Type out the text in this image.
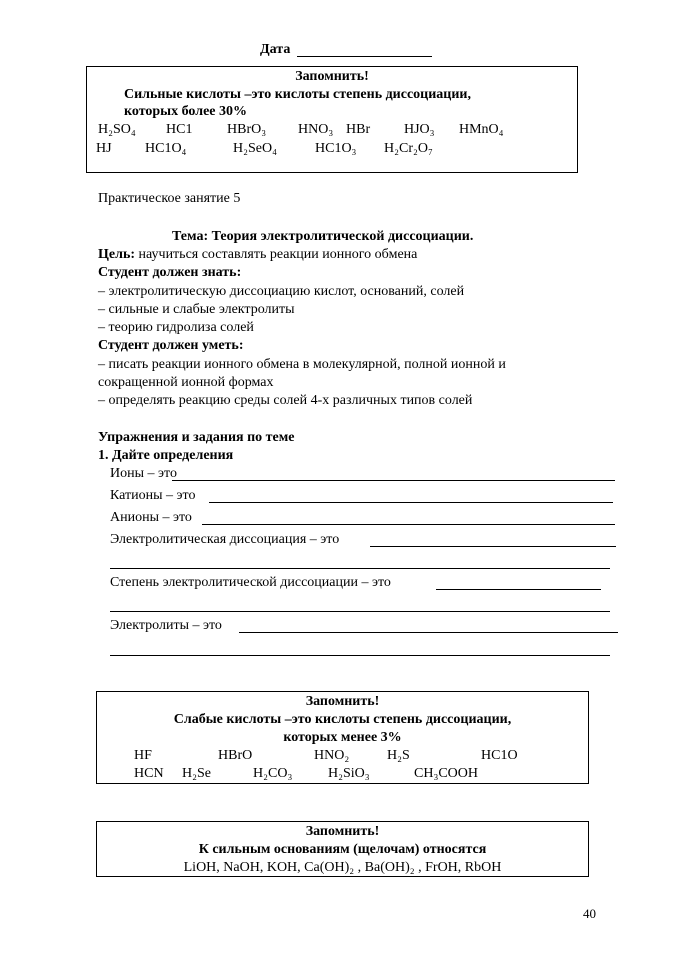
Дата
Запомнить!
Сильные кислоты –это кислоты степень диссоциации,
которых более 30%
H₂SO₄ HC1 HBrO₃ HNO₃ HBr HJO₃ HMnO₄
HJ HC1O₄	H₂SeO₄	HC1O₃ H₂Cr₂O₇
Практическое занятие 5
Тема: Теория электролитической диссоциации.
Цель: научиться составлять реакции ионного обмена
Студент должен знать:
– электролитическую диссоциацию кислот, оснований, солей
– сильные и слабые электролиты
– теорию гидролиза солей
Студент должен уметь:
– писать реакции ионного обмена в молекулярной, полной ионной и
сокращенной ионной формах
– определять реакцию среды солей 4-х различных типов солей
Упражнения и задания по теме
1. Дайте определения
Ионы – это
Катионы – это
Анионы – это
Электролитическая диссоциация – это
Степень электролитической диссоциации – это
Электролиты – это
Запомнить!
Слабые кислоты –это кислоты степень диссоциации,
которых менее 3%
HF	HBrO	HNO₂	H₂S	HC1O
HCN H₂Se	H₂CO₃	H₂SiO₃	CH₃COOH
Запомнить!
К сильным основаниям (щелочам) относятся
LiOH, NaOH, KOH, Ca(OH)₂ , Ba(OH)₂ , FrOH, RbOH
40
